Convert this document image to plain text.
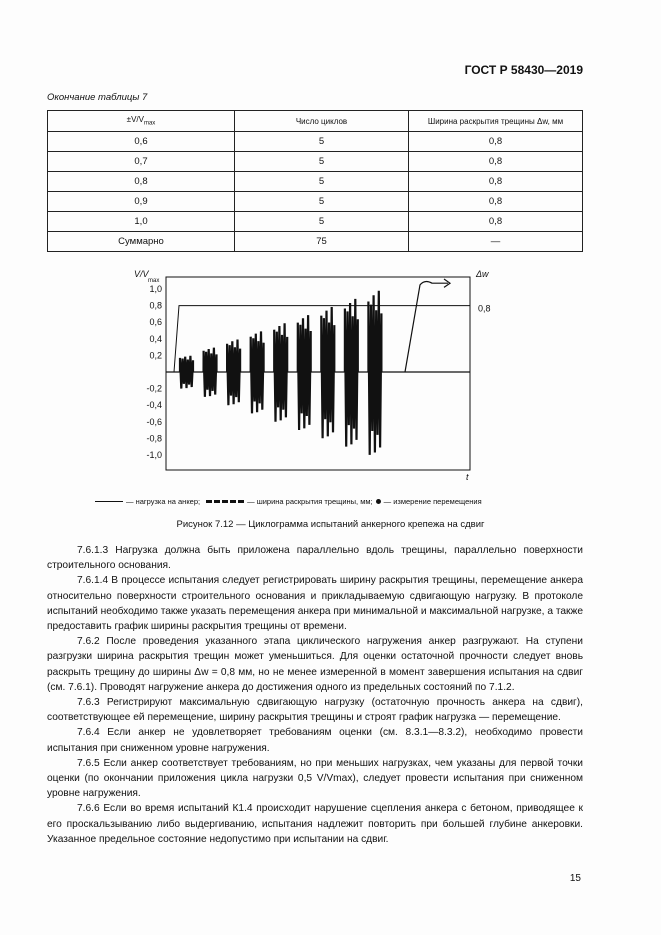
ГОСТ Р 58430—2019
Окончание таблицы 7
$\pm V/V_{max}$	Число циклов	Ширина раскрытия трещины Δw, мм
0,6	5	0,8
0,7	5	0,8
0,8	5	0,8
0,9	5	0,8
1,0	5	0,8
Суммарно	75	—
1,0
0,8
0,6
0,4
0,2
-0,2
-0,4
-0,6
-0,8
-1,0
V/V
max
Δw
0,8
t
— нагрузка на анкер;	— ширина раскрытия трещины, мм; — измерение перемещения
Рисунок 7.12 — Циклограмма испытаний анкерного крепежа на сдвиг

7.6.1.3 Нагрузка должна быть приложена параллельно вдоль трещины, параллельно поверхности строительного основания.

7.6.1.4 В процессе испытания следует регистрировать ширину раскрытия трещины, перемещение анкера относительно поверхности строительного основания и прикладываемую сдвигающую нагрузку. В протоколе испытаний необходимо также указать перемещения анкера при минимальной и максимальной нагрузке, а также предоставить график ширины раскрытия трещины от времени.

7.6.2 После проведения указанного этапа циклического нагружения анкер разгружают. На ступени разгрузки ширина раскрытия трещин может уменьшиться. Для оценки остаточной прочности следует вновь раскрыть трещину до ширины Δw = 0,8 мм, но не менее измеренной в момент завершения испытания на сдвиг (см. 7.6.1). Проводят нагружение анкера до достижения одного из предельных состояний по 7.1.2.

7.6.3 Регистрируют максимальную сдвигающую нагрузку (остаточную прочность анкера на сдвиг), соответствующее ей перемещение, ширину раскрытия трещины и строят график нагрузка — перемещение.

7.6.4 Если анкер не удовлетворяет требованиям оценки (см. 8.3.1—8.3.2), необходимо провести испытания при сниженном уровне нагружения.

7.6.5 Если анкер соответствует требованиям, но при меньших нагрузках, чем указаны для первой точки оценки (по окончании приложения цикла нагрузки 0,5 V/Vmax), следует провести испытания при сниженном уровне нагружения.

7.6.6 Если во время испытаний К1.4 происходит нарушение сцепления анкера с бетоном, приводящее к его проскальзыванию либо выдергиванию, испытания надлежит повторить при большей глубине анкеровки. Указанное предельное состояние недопустимо при испытании на сдвиг.

15
